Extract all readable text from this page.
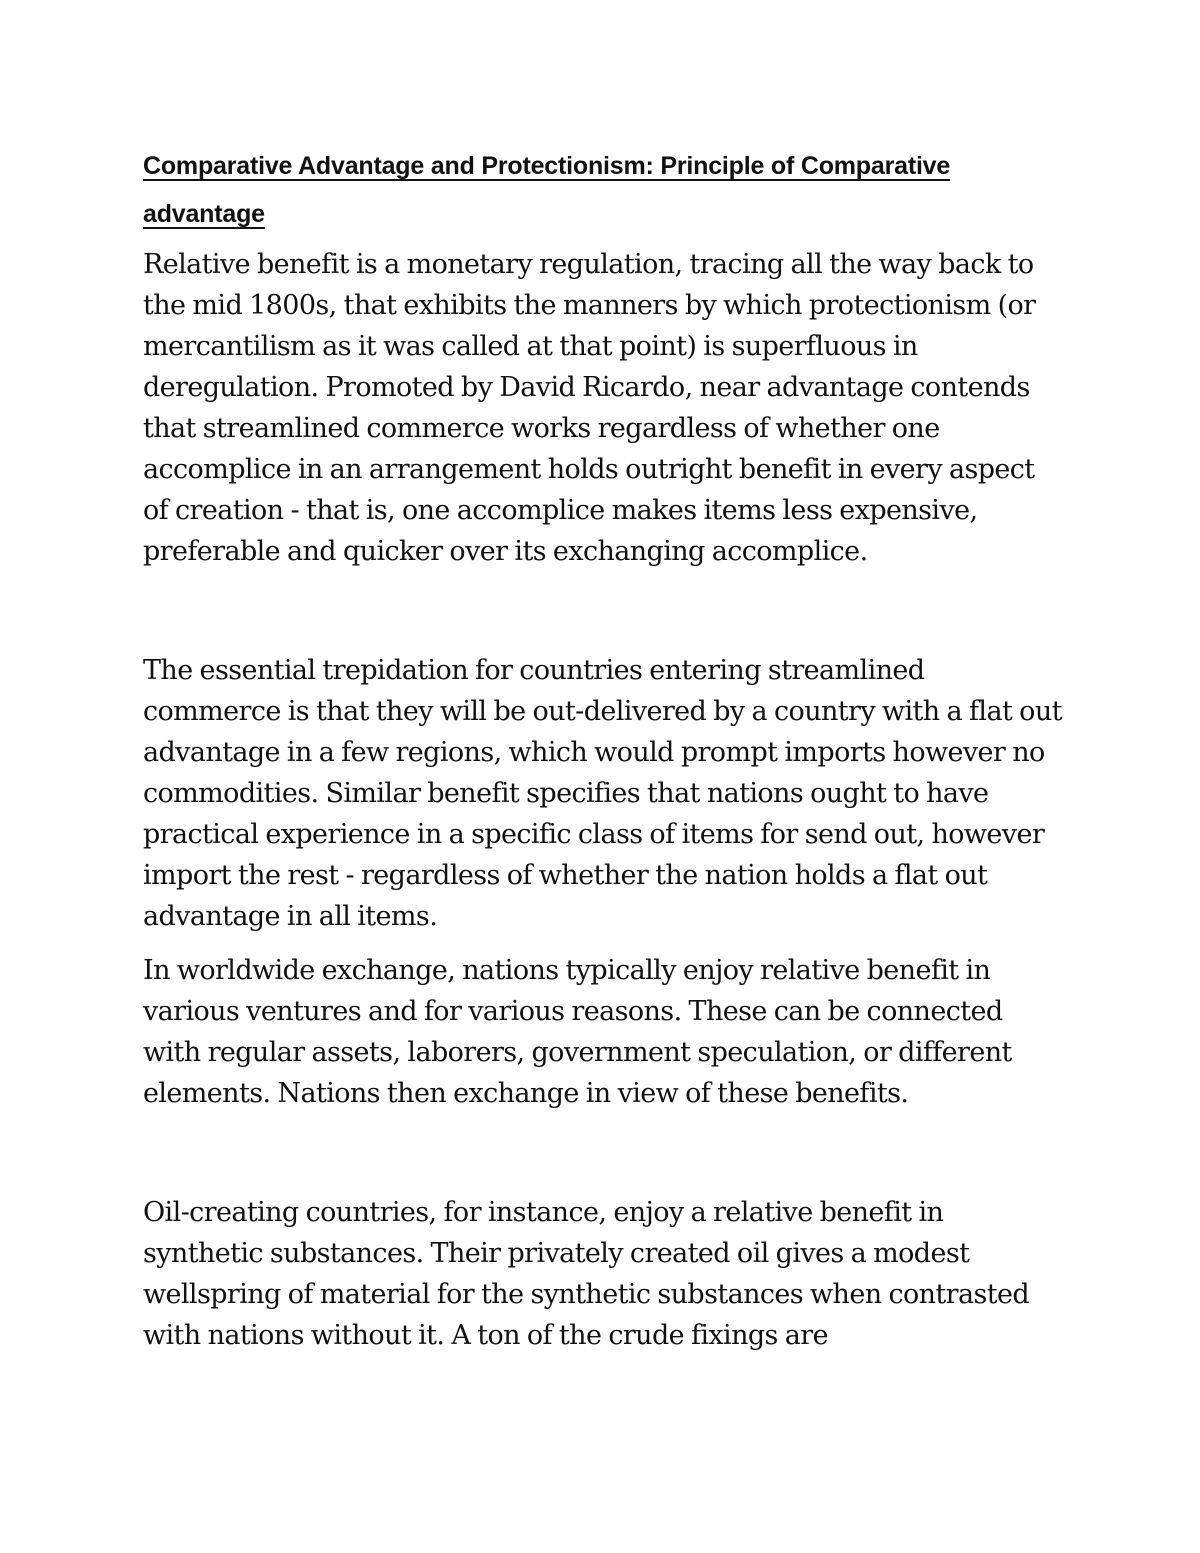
Comparative Advantage and Protectionism: Principle of Comparative advantage

Relative benefit is a monetary regulation, tracing all the way back to the mid 1800s, that exhibits the manners by which protectionism (or mercantilism as it was called at that point) is superfluous in deregulation. Promoted by David Ricardo, near advantage contends that streamlined commerce works regardless of whether one accomplice in an arrangement holds outright benefit in every aspect of creation - that is, one accomplice makes items less expensive, preferable and quicker over its exchanging accomplice.

The essential trepidation for countries entering streamlined commerce is that they will be out-delivered by a country with a flat out advantage in a few regions, which would prompt imports however no commodities. Similar benefit specifies that nations ought to have practical experience in a specific class of items for send out, however import the rest - regardless of whether the nation holds a flat out advantage in all items.

In worldwide exchange, nations typically enjoy relative benefit in various ventures and for various reasons. These can be connected with regular assets, laborers, government speculation, or different elements. Nations then exchange in view of these benefits.

Oil-creating countries, for instance, enjoy a relative benefit in synthetic substances. Their privately created oil gives a modest wellspring of material for the synthetic substances when contrasted with nations without it. A ton of the crude fixings are
